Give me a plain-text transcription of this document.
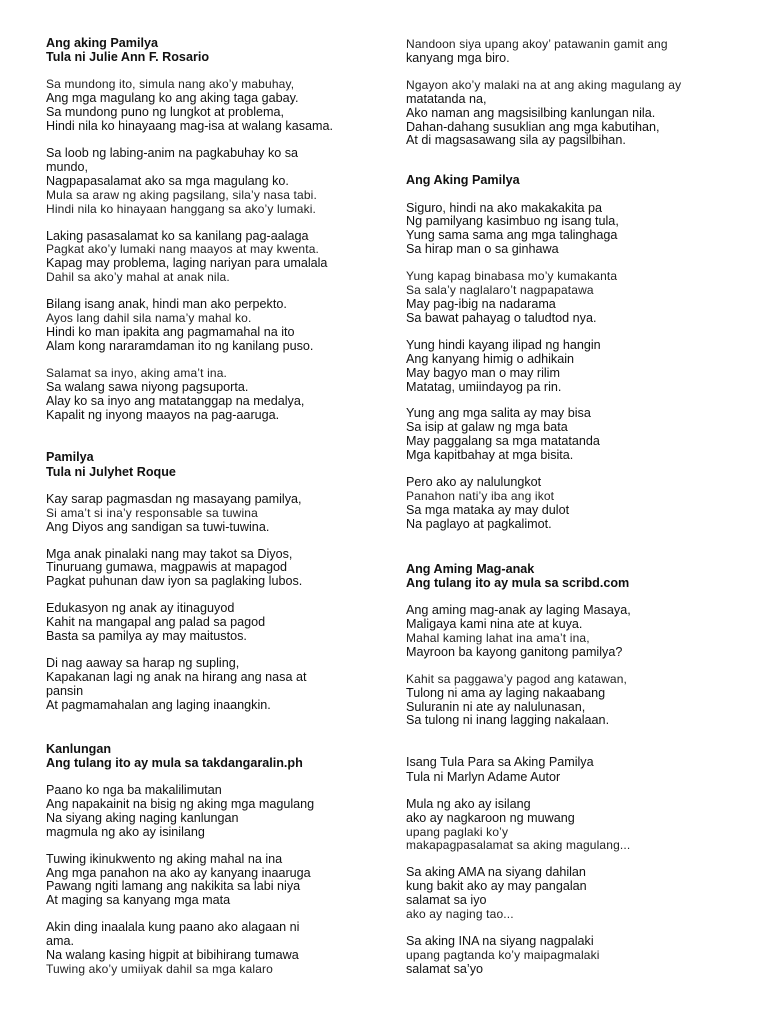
Ang aking Pamilya
Tula ni Julie Ann F. Rosario
Sa mundong ito, simula nang ako’y mabuhay,
Ang mga magulang ko ang aking taga gabay.
Sa mundong puno ng lungkot at problema,
Hindi nila ko hinayaang mag-isa at walang kasama.
Sa loob ng labing-anim na pagkabuhay ko sa
mundo,
Nagpapasalamat ako sa mga magulang ko.
Mula sa araw ng aking pagsilang, sila’y nasa tabi.
Hindi nila ko hinayaan hanggang sa ako’y lumaki.
Laking pasasalamat ko sa kanilang pag-aalaga
Pagkat ako’y lumaki nang maayos at may kwenta.
Kapag may problema, laging nariyan para umalala
Dahil sa ako’y mahal at anak nila.
Bilang isang anak, hindi man ako perpekto.
Ayos lang dahil sila nama’y mahal ko.
Hindi ko man ipakita ang pagmamahal na ito
Alam kong nararamdaman ito ng kanilang puso.
Salamat sa inyo, aking ama’t ina.
Sa walang sawa niyong pagsuporta.
Alay ko sa inyo ang matatanggap na medalya,
Kapalit ng inyong maayos na pag-aaruga.
Pamilya
Tula ni Julyhet Roque
Kay sarap pagmasdan ng masayang pamilya,
Si ama’t si ina’y responsable sa tuwina
Ang Diyos ang sandigan sa tuwi-tuwina.
Mga anak pinalaki nang may takot sa Diyos,
Tinuruang gumawa, magpawis at mapagod
Pagkat puhunan daw iyon sa paglaking lubos.
Edukasyon ng anak ay itinaguyod
Kahit na mangapal ang palad sa pagod
Basta sa pamilya ay may maitustos.
Di nag aaway sa harap ng supling,
Kapakanan lagi ng anak na hirang ang nasa at
pansin
At pagmamahalan ang laging inaangkin.
Kanlungan
Ang tulang ito ay mula sa takdangaralin.ph
Paano ko nga ba makalilimutan
Ang napakainit na bisig ng aking mga magulang
Na siyang aking naging kanlungan
magmula ng ako ay isinilang
Tuwing ikinukwento ng aking mahal na ina
Ang mga panahon na ako ay kanyang inaaruga
Pawang ngiti lamang ang nakikita sa labi niya
At maging sa kanyang mga mata
Akin ding inaalala kung paano ako alagaan ni
ama.
Na walang kasing higpit at bibihirang tumawa
Tuwing ako’y umiiyak dahil sa mga kalaro
Nandoon siya upang akoy’ patawanin gamit ang
kanyang mga biro.
Ngayon ako’y malaki na at ang aking magulang ay
matatanda na,
Ako naman ang magsisilbing kanlungan nila.
Dahan-dahang susuklian ang mga kabutihan,
At di magsasawang sila ay pagsilbihan.
Ang Aking Pamilya
Siguro, hindi na ako makakakita pa
Ng pamilyang kasimbuo ng isang tula,
Yung sama sama ang mga talinghaga
Sa hirap man o sa ginhawa
Yung kapag binabasa mo’y kumakanta
Sa sala’y naglalaro’t nagpapatawa
May pag-ibig na nadarama
Sa bawat pahayag o taludtod nya.
Yung hindi kayang ilipad ng hangin
Ang kanyang himig o adhikain
May bagyo man o may rilim
Matatag, umiindayog pa rin.
Yung ang mga salita ay may bisa
Sa isip at galaw ng mga bata
May paggalang sa mga matatanda
Mga kapitbahay at mga bisita.
Pero ako ay nalulungkot
Panahon nati’y iba ang ikot
Sa mga mataka ay may dulot
Na paglayo at pagkalimot.
Ang Aming Mag-anak
Ang tulang ito ay mula sa scribd.com
Ang aming mag-anak ay laging Masaya,
Maligaya kami nina ate at kuya.
Mahal kaming lahat ina ama’t ina,
Mayroon ba kayong ganitong pamilya?
Kahit sa paggawa’y pagod ang katawan,
Tulong ni ama ay laging nakaabang
Suluranin ni ate ay nalulunasan,
Sa tulong ni inang lagging nakalaan.
Isang Tula Para sa Aking Pamilya
Tula ni Marlyn Adame Autor
Mula ng ako ay isilang
ako ay nagkaroon ng muwang
upang paglaki ko’y
makapagpasalamat sa aking magulang...
Sa aking AMA na siyang dahilan
kung bakit ako ay may pangalan
salamat sa iyo
ako ay naging tao...
Sa aking INA na siyang nagpalaki
upang pagtanda ko’y maipagmalaki
salamat sa’yo
